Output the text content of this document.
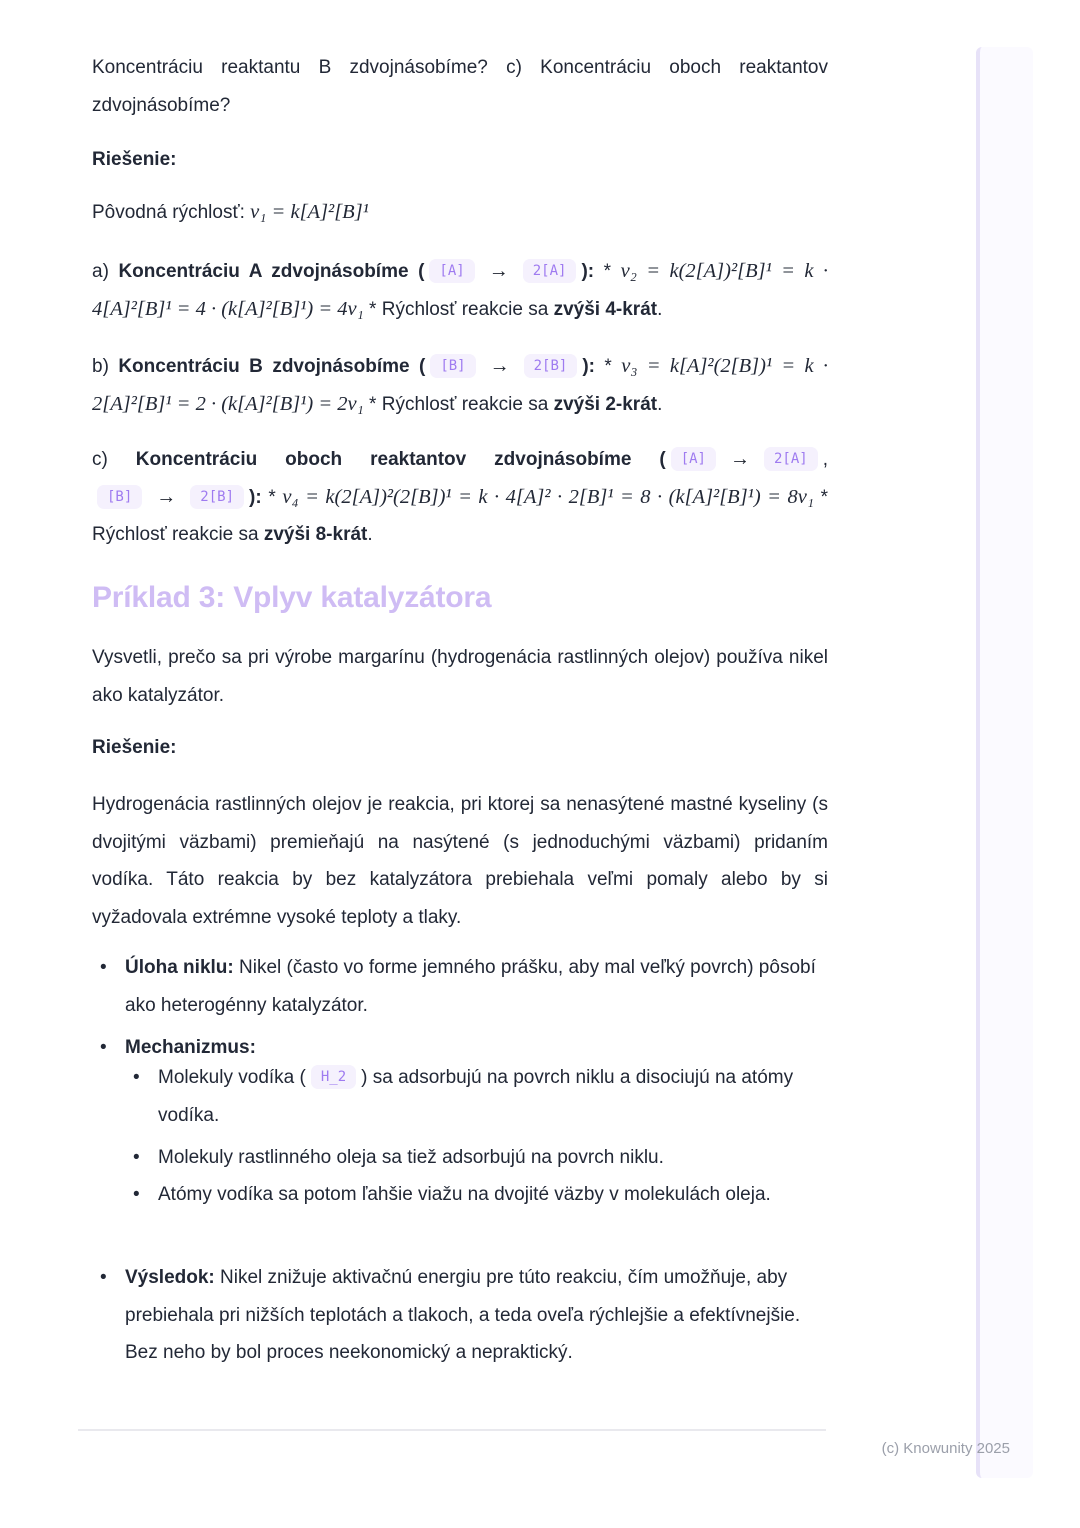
Koncentráciu reaktantu B zdvojnásobíme? c) Koncentráciu oboch reaktantov zdvojnásobíme?

Riešenie:

Pôvodná rýchlosť: v₁ = k[A]²[B]¹

a) Koncentráciu A zdvojnásobíme ( [A] → 2[A] ): * v₂ = k(2[A])²[B]¹ = k · 4[A]²[B]¹ = 4 · (k[A]²[B]¹) = 4v₁ * Rýchlosť reakcie sa zvýši 4-krát.

b) Koncentráciu B zdvojnásobíme ( [B] → 2[B] ): * v₃ = k[A]²(2[B])¹ = k · 2[A]²[B]¹ = 2 · (k[A]²[B]¹) = 2v₁ * Rýchlosť reakcie sa zvýši 2-krát.

c) Koncentráciu oboch reaktantov zdvojnásobíme ( [A] → 2[A] , [B] → 2[B] ): * v₄ = k(2[A])²(2[B])¹ = k · 4[A]² · 2[B]¹ = 8 · (k[A]²[B]¹) = 8v₁ * Rýchlosť reakcie sa zvýši 8-krát.

Príklad 3: Vplyv katalyzátora

Vysvetli, prečo sa pri výrobe margarínu (hydrogenácia rastlinných olejov) používa nikel ako katalyzátor.

Riešenie:

Hydrogenácia rastlinných olejov je reakcia, pri ktorej sa nenasýtené mastné kyseliny (s dvojitými väzbami) premieňajú na nasýtené (s jednoduchými väzbami) pridaním vodíka. Táto reakcia by bez katalyzátora prebiehala veľmi pomaly alebo by si vyžadovala extrémne vysoké teploty a tlaky.

• Úloha niklu: Nikel (často vo forme jemného prášku, aby mal veľký povrch) pôsobí ako heterogénny katalyzátor.
• Mechanizmus:
• Molekuly vodíka ( H_2 ) sa adsorbujú na povrch niklu a disociujú na atómy vodíka.
• Molekuly rastlinného oleja sa tiež adsorbujú na povrch niklu.
• Atómy vodíka sa potom ľahšie viažu na dvojité väzby v molekulách oleja.
• Výsledok: Nikel znižuje aktivačnú energiu pre túto reakciu, čím umožňuje, aby prebiehala pri nižších teplotách a tlakoch, a teda oveľa rýchlejšie a efektívnejšie. Bez neho by bol proces neekonomický a nepraktický.
(c) Knowunity 2025
